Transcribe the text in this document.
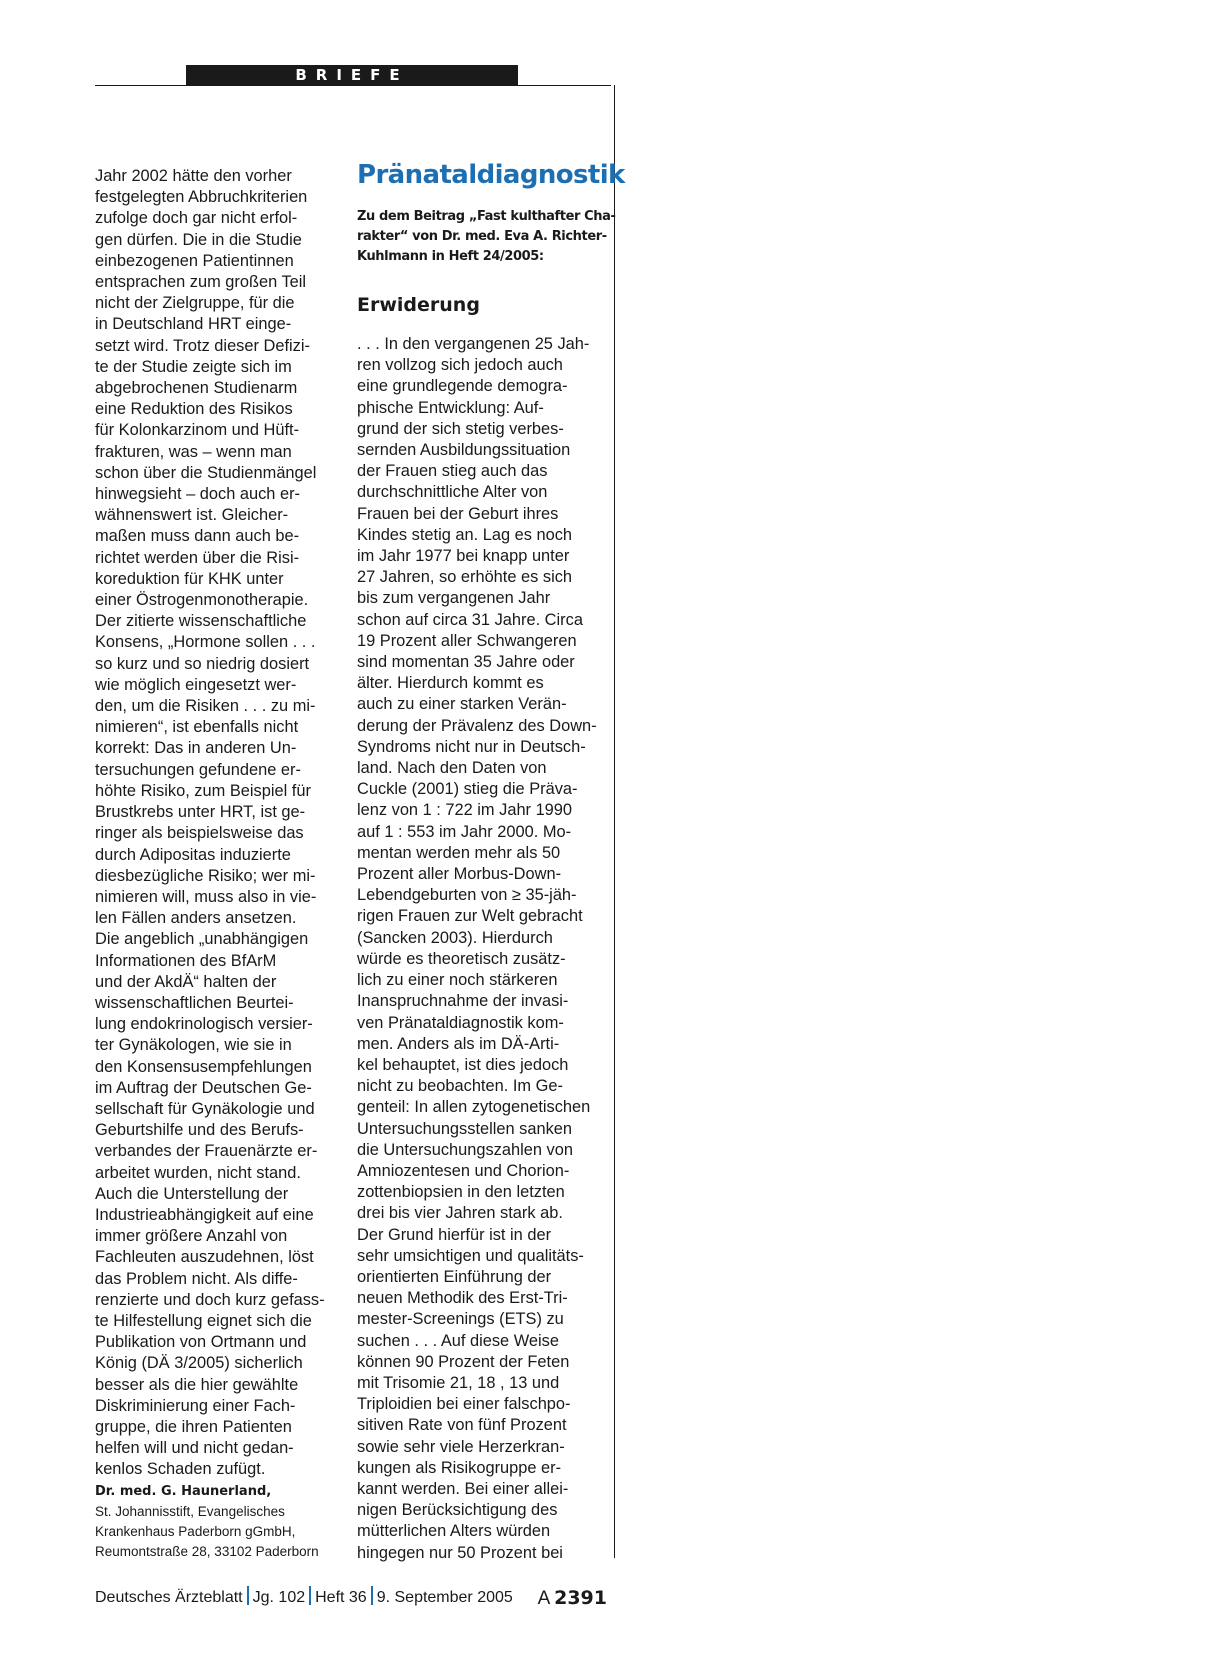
BRIEFE
Jahr 2002 hätte den vorher
festgelegten Abbruchkriterien
zufolge doch gar nicht erfol-
gen dürfen. Die in die Studie
einbezogenen Patientinnen
entsprachen zum großen Teil
nicht der Zielgruppe, für die
in Deutschland HRT einge-
setzt wird. Trotz dieser Defizi-
te der Studie zeigte sich im
abgebrochenen Studienarm
eine Reduktion des Risikos
für Kolonkarzinom und Hüft-
frakturen, was – wenn man
schon über die Studienmängel
hinwegsieht – doch auch er-
wähnenswert ist. Gleicher-
maßen muss dann auch be-
richtet werden über die Risi-
koreduktion für KHK unter
einer Östrogenmonotherapie.
Der zitierte wissenschaftliche
Konsens, „Hormone sollen . . .
so kurz und so niedrig dosiert
wie möglich eingesetzt wer-
den, um die Risiken . . . zu mi-
nimieren“, ist ebenfalls nicht
korrekt: Das in anderen Un-
tersuchungen gefundene er-
höhte Risiko, zum Beispiel für
Brustkrebs unter HRT, ist ge-
ringer als beispielsweise das
durch Adipositas induzierte
diesbezügliche Risiko; wer mi-
nimieren will, muss also in vie-
len Fällen anders ansetzen.
Die angeblich „unabhängigen
Informationen des BfArM
und der AkdÄ“ halten der
wissenschaftlichen Beurtei-
lung endokrinologisch versier-
ter Gynäkologen, wie sie in
den Konsensusempfehlungen
im Auftrag der Deutschen Ge-
sellschaft für Gynäkologie und
Geburtshilfe und des Berufs-
verbandes der Frauenärzte er-
arbeitet wurden, nicht stand.
Auch die Unterstellung der
Industrieabhängigkeit auf eine
immer größere Anzahl von
Fachleuten auszudehnen, löst
das Problem nicht. Als diffe-
renzierte und doch kurz gefass-
te Hilfestellung eignet sich die
Publikation von Ortmann und
König (DÄ 3/2005) sicherlich
besser als die hier gewählte
Diskriminierung einer Fach-
gruppe, die ihren Patienten
helfen will und nicht gedan-
kenlos Schaden zufügt.
Dr. med. G. Haunerland,
St. Johannisstift, Evangelisches
Krankenhaus Paderborn gGmbH,
Reumontstraße 28, 33102 Paderborn
Pränataldiagnostik
Zu dem Beitrag „Fast kulthafter Cha-
rakter“ von Dr. med. Eva A. Richter-
Kuhlmann in Heft 24/2005:
Erwiderung
. . . In den vergangenen 25 Jah-
ren vollzog sich jedoch auch
eine grundlegende demogra-
phische Entwicklung: Auf-
grund der sich stetig verbes-
sernden Ausbildungssituation
der Frauen stieg auch das
durchschnittliche Alter von
Frauen bei der Geburt ihres
Kindes stetig an. Lag es noch
im Jahr 1977 bei knapp unter
27 Jahren, so erhöhte es sich
bis zum vergangenen Jahr
schon auf circa 31 Jahre. Circa
19 Prozent aller Schwangeren
sind momentan 35 Jahre oder
älter. Hierdurch kommt es
auch zu einer starken Verän-
derung der Prävalenz des Down-
Syndroms nicht nur in Deutsch-
land. Nach den Daten von
Cuckle (2001) stieg die Präva-
lenz von 1 : 722 im Jahr 1990
auf 1 : 553 im Jahr 2000. Mo-
mentan werden mehr als 50
Prozent aller Morbus-Down-
Lebendgeburten von ≥ 35-jäh-
rigen Frauen zur Welt gebracht
(Sancken 2003). Hierdurch
würde es theoretisch zusätz-
lich zu einer noch stärkeren
Inanspruchnahme der invasi-
ven Pränataldiagnostik kom-
men. Anders als im DÄ-Arti-
kel behauptet, ist dies jedoch
nicht zu beobachten. Im Ge-
genteil: In allen zytogenetischen
Untersuchungsstellen sanken
die Untersuchungszahlen von
Amniozentesen und Chorion-
zottenbiopsien in den letzten
drei bis vier Jahren stark ab.
Der Grund hierfür ist in der
sehr umsichtigen und qualitäts-
orientierten Einführung der
neuen Methodik des Erst-Tri-
mester-Screenings (ETS) zu
suchen . . . Auf diese Weise
können 90 Prozent der Feten
mit Trisomie 21, 18 , 13 und
Triploidien bei einer falschpo-
sitiven Rate von fünf Prozent
sowie sehr viele Herzerkran-
kungen als Risikogruppe er-
kannt werden. Bei einer allei-
nigen Berücksichtigung des
mütterlichen Alters würden
hingegen nur 50 Prozent bei
Deutsches Ärzteblatt Jg. 102 Heft 36 9. September 2005 A  2391
